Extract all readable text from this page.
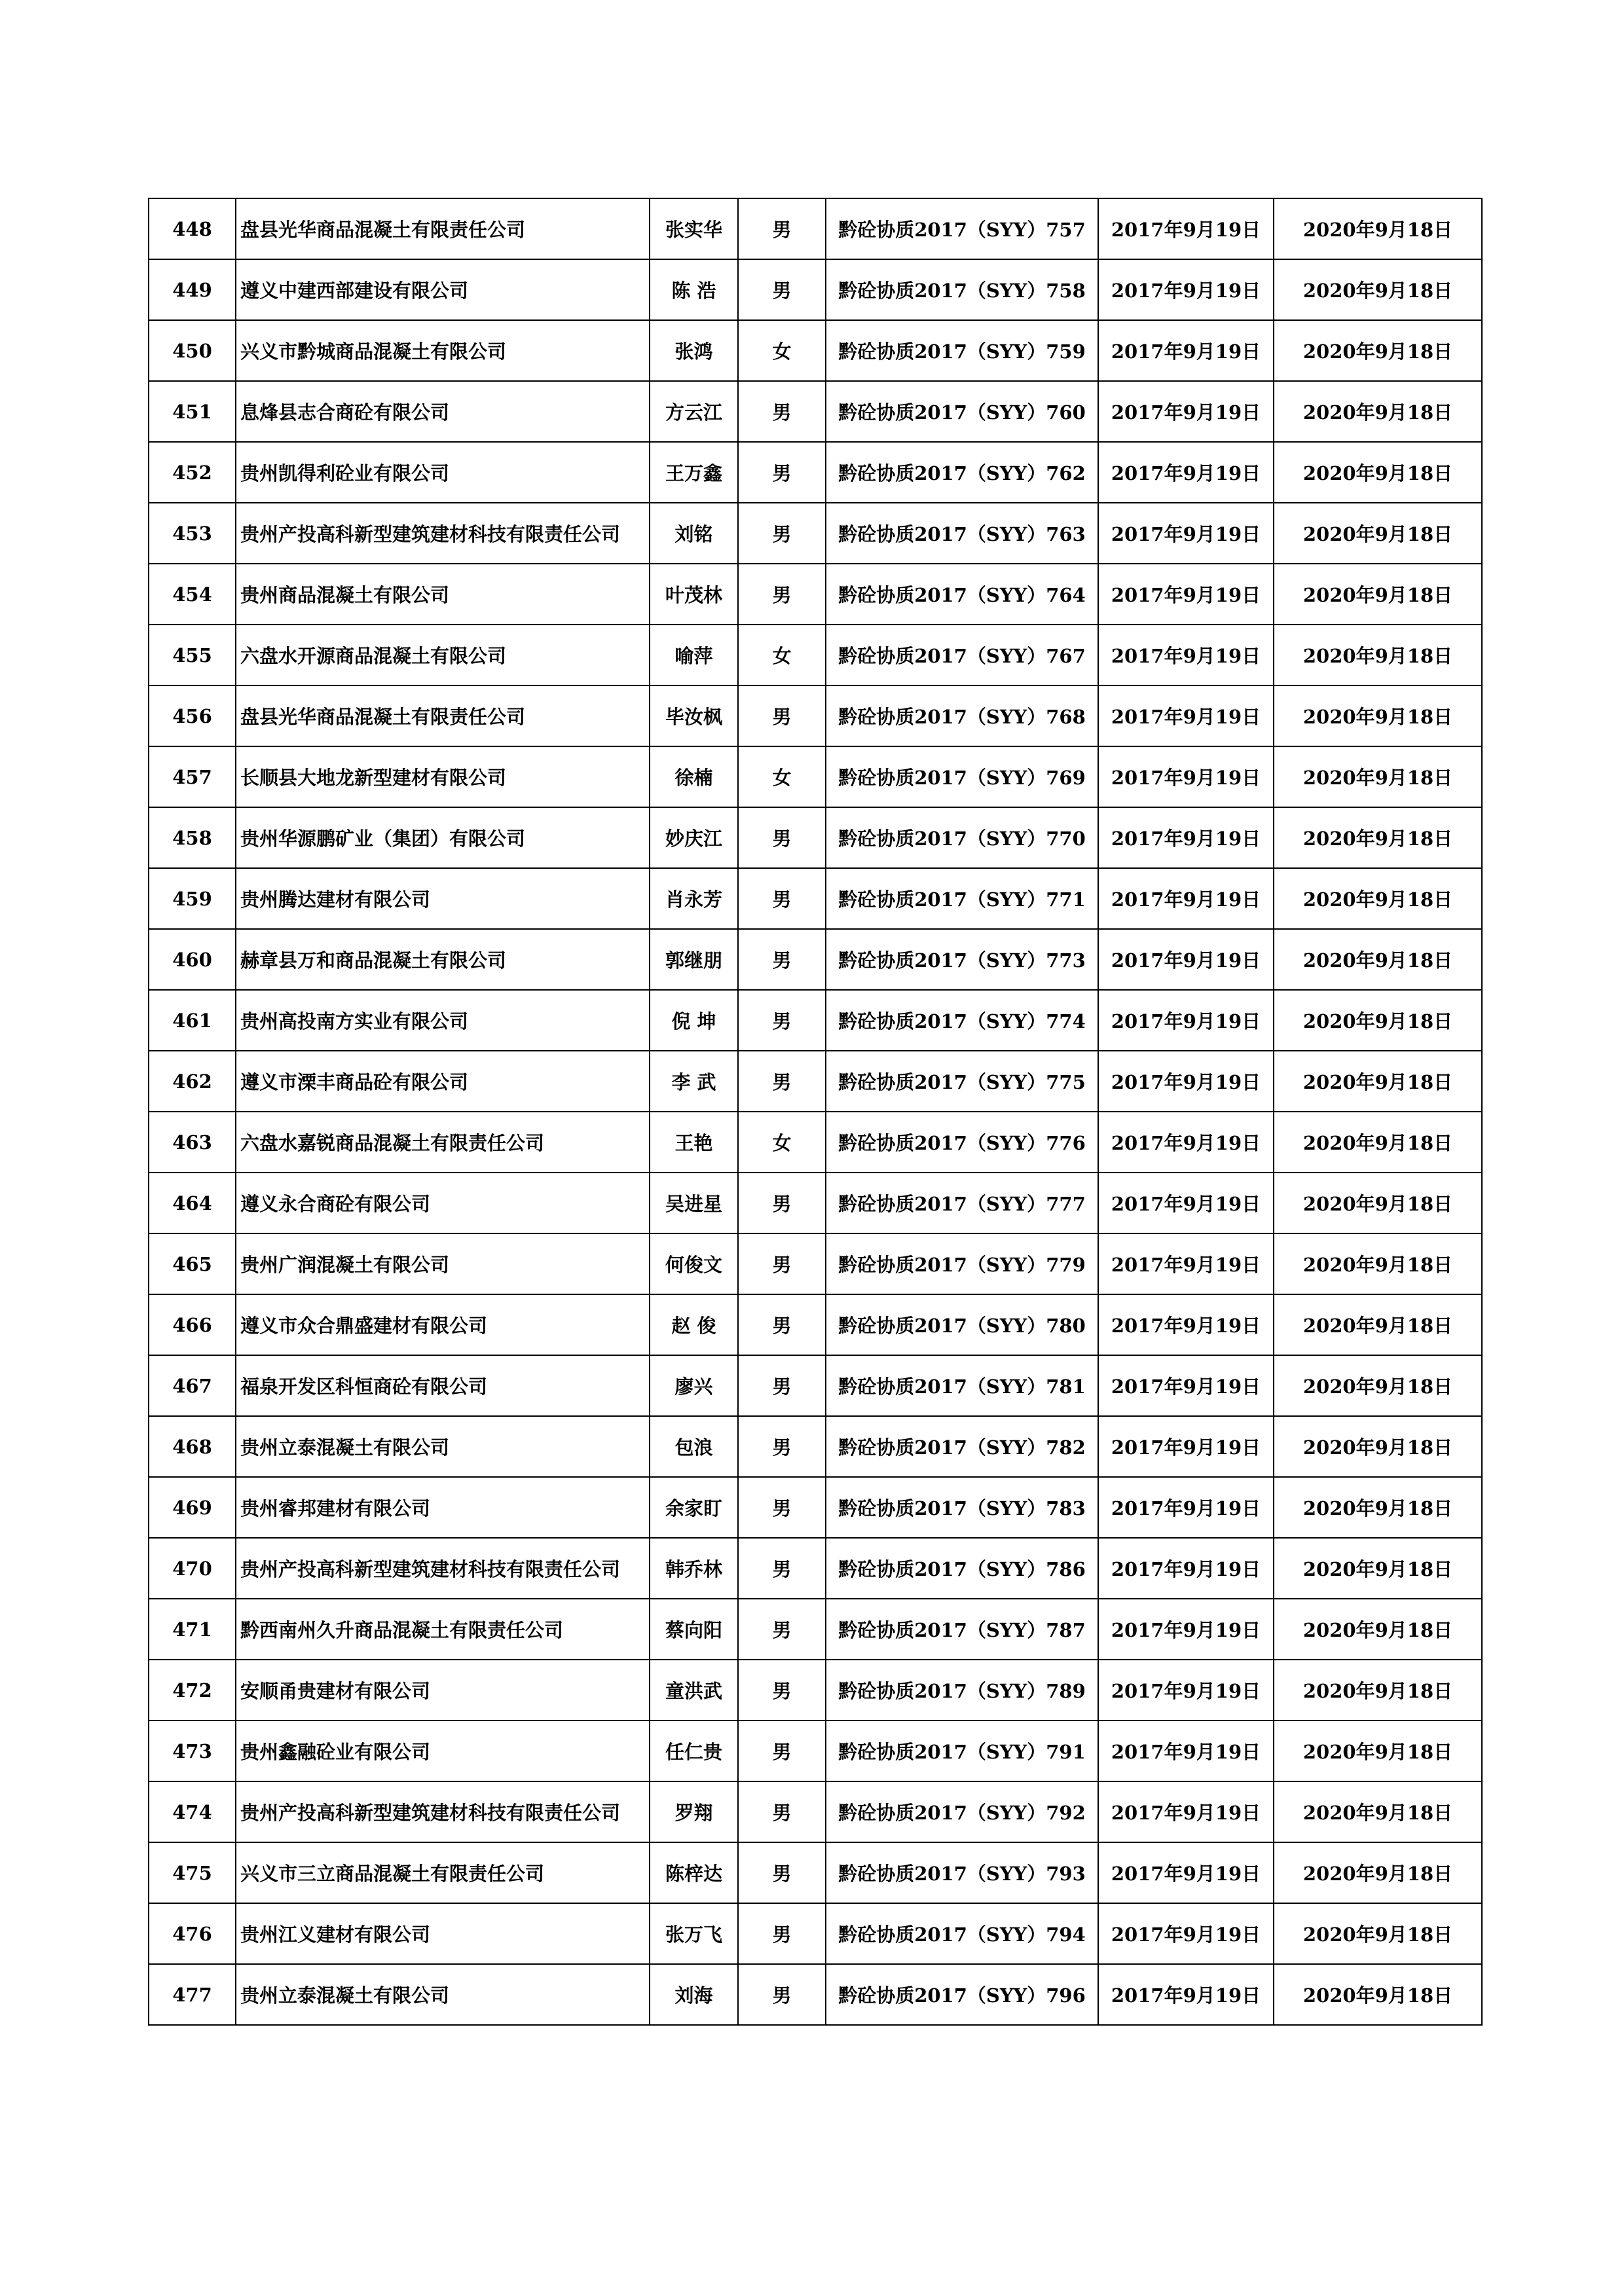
448	盘县光华商品混凝土有限责任公司	张实华	男	黔砼协质2017（SYY）757	2017年9月19日	2020年9月18日
449	遵义中建西部建设有限公司	陈 浩	男	黔砼协质2017（SYY）758	2017年9月19日	2020年9月18日
450	兴义市黔城商品混凝土有限公司	张鸿	女	黔砼协质2017（SYY）759	2017年9月19日	2020年9月18日
451	息烽县志合商砼有限公司	方云江	男	黔砼协质2017（SYY）760	2017年9月19日	2020年9月18日
452	贵州凯得利砼业有限公司	王万鑫	男	黔砼协质2017（SYY）762	2017年9月19日	2020年9月18日
453	贵州产投高科新型建筑建材科技有限责任公司	刘铭	男	黔砼协质2017（SYY）763	2017年9月19日	2020年9月18日
454	贵州商品混凝土有限公司	叶茂林	男	黔砼协质2017（SYY）764	2017年9月19日	2020年9月18日
455	六盘水开源商品混凝土有限公司	喻萍	女	黔砼协质2017（SYY）767	2017年9月19日	2020年9月18日
456	盘县光华商品混凝土有限责任公司	毕汝枫	男	黔砼协质2017（SYY）768	2017年9月19日	2020年9月18日
457	长顺县大地龙新型建材有限公司	徐楠	女	黔砼协质2017（SYY）769	2017年9月19日	2020年9月18日
458	贵州华源鹏矿业（集团）有限公司	妙庆江	男	黔砼协质2017（SYY）770	2017年9月19日	2020年9月18日
459	贵州腾达建材有限公司	肖永芳	男	黔砼协质2017（SYY）771	2017年9月19日	2020年9月18日
460	赫章县万和商品混凝土有限公司	郭继朋	男	黔砼协质2017（SYY）773	2017年9月19日	2020年9月18日
461	贵州高投南方实业有限公司	倪 坤	男	黔砼协质2017（SYY）774	2017年9月19日	2020年9月18日
462	遵义市溧丰商品砼有限公司	李 武	男	黔砼协质2017（SYY）775	2017年9月19日	2020年9月18日
463	六盘水嘉锐商品混凝土有限责任公司	王艳	女	黔砼协质2017（SYY）776	2017年9月19日	2020年9月18日
464	遵义永合商砼有限公司	吴进星	男	黔砼协质2017（SYY）777	2017年9月19日	2020年9月18日
465	贵州广润混凝土有限公司	何俊文	男	黔砼协质2017（SYY）779	2017年9月19日	2020年9月18日
466	遵义市众合鼎盛建材有限公司	赵 俊	男	黔砼协质2017（SYY）780	2017年9月19日	2020年9月18日
467	福泉开发区科恒商砼有限公司	廖兴	男	黔砼协质2017（SYY）781	2017年9月19日	2020年9月18日
468	贵州立泰混凝土有限公司	包浪	男	黔砼协质2017（SYY）782	2017年9月19日	2020年9月18日
469	贵州睿邦建材有限公司	余家盯	男	黔砼协质2017（SYY）783	2017年9月19日	2020年9月18日
470	贵州产投高科新型建筑建材科技有限责任公司	韩乔林	男	黔砼协质2017（SYY）786	2017年9月19日	2020年9月18日
471	黔西南州久升商品混凝土有限责任公司	蔡向阳	男	黔砼协质2017（SYY）787	2017年9月19日	2020年9月18日
472	安顺甬贵建材有限公司	童洪武	男	黔砼协质2017（SYY）789	2017年9月19日	2020年9月18日
473	贵州鑫融砼业有限公司	任仁贵	男	黔砼协质2017（SYY）791	2017年9月19日	2020年9月18日
474	贵州产投高科新型建筑建材科技有限责任公司	罗翔	男	黔砼协质2017（SYY）792	2017年9月19日	2020年9月18日
475	兴义市三立商品混凝土有限责任公司	陈梓达	男	黔砼协质2017（SYY）793	2017年9月19日	2020年9月18日
476	贵州江义建材有限公司	张万飞	男	黔砼协质2017（SYY）794	2017年9月19日	2020年9月18日
477	贵州立泰混凝土有限公司	刘海	男	黔砼协质2017（SYY）796	2017年9月19日	2020年9月18日
